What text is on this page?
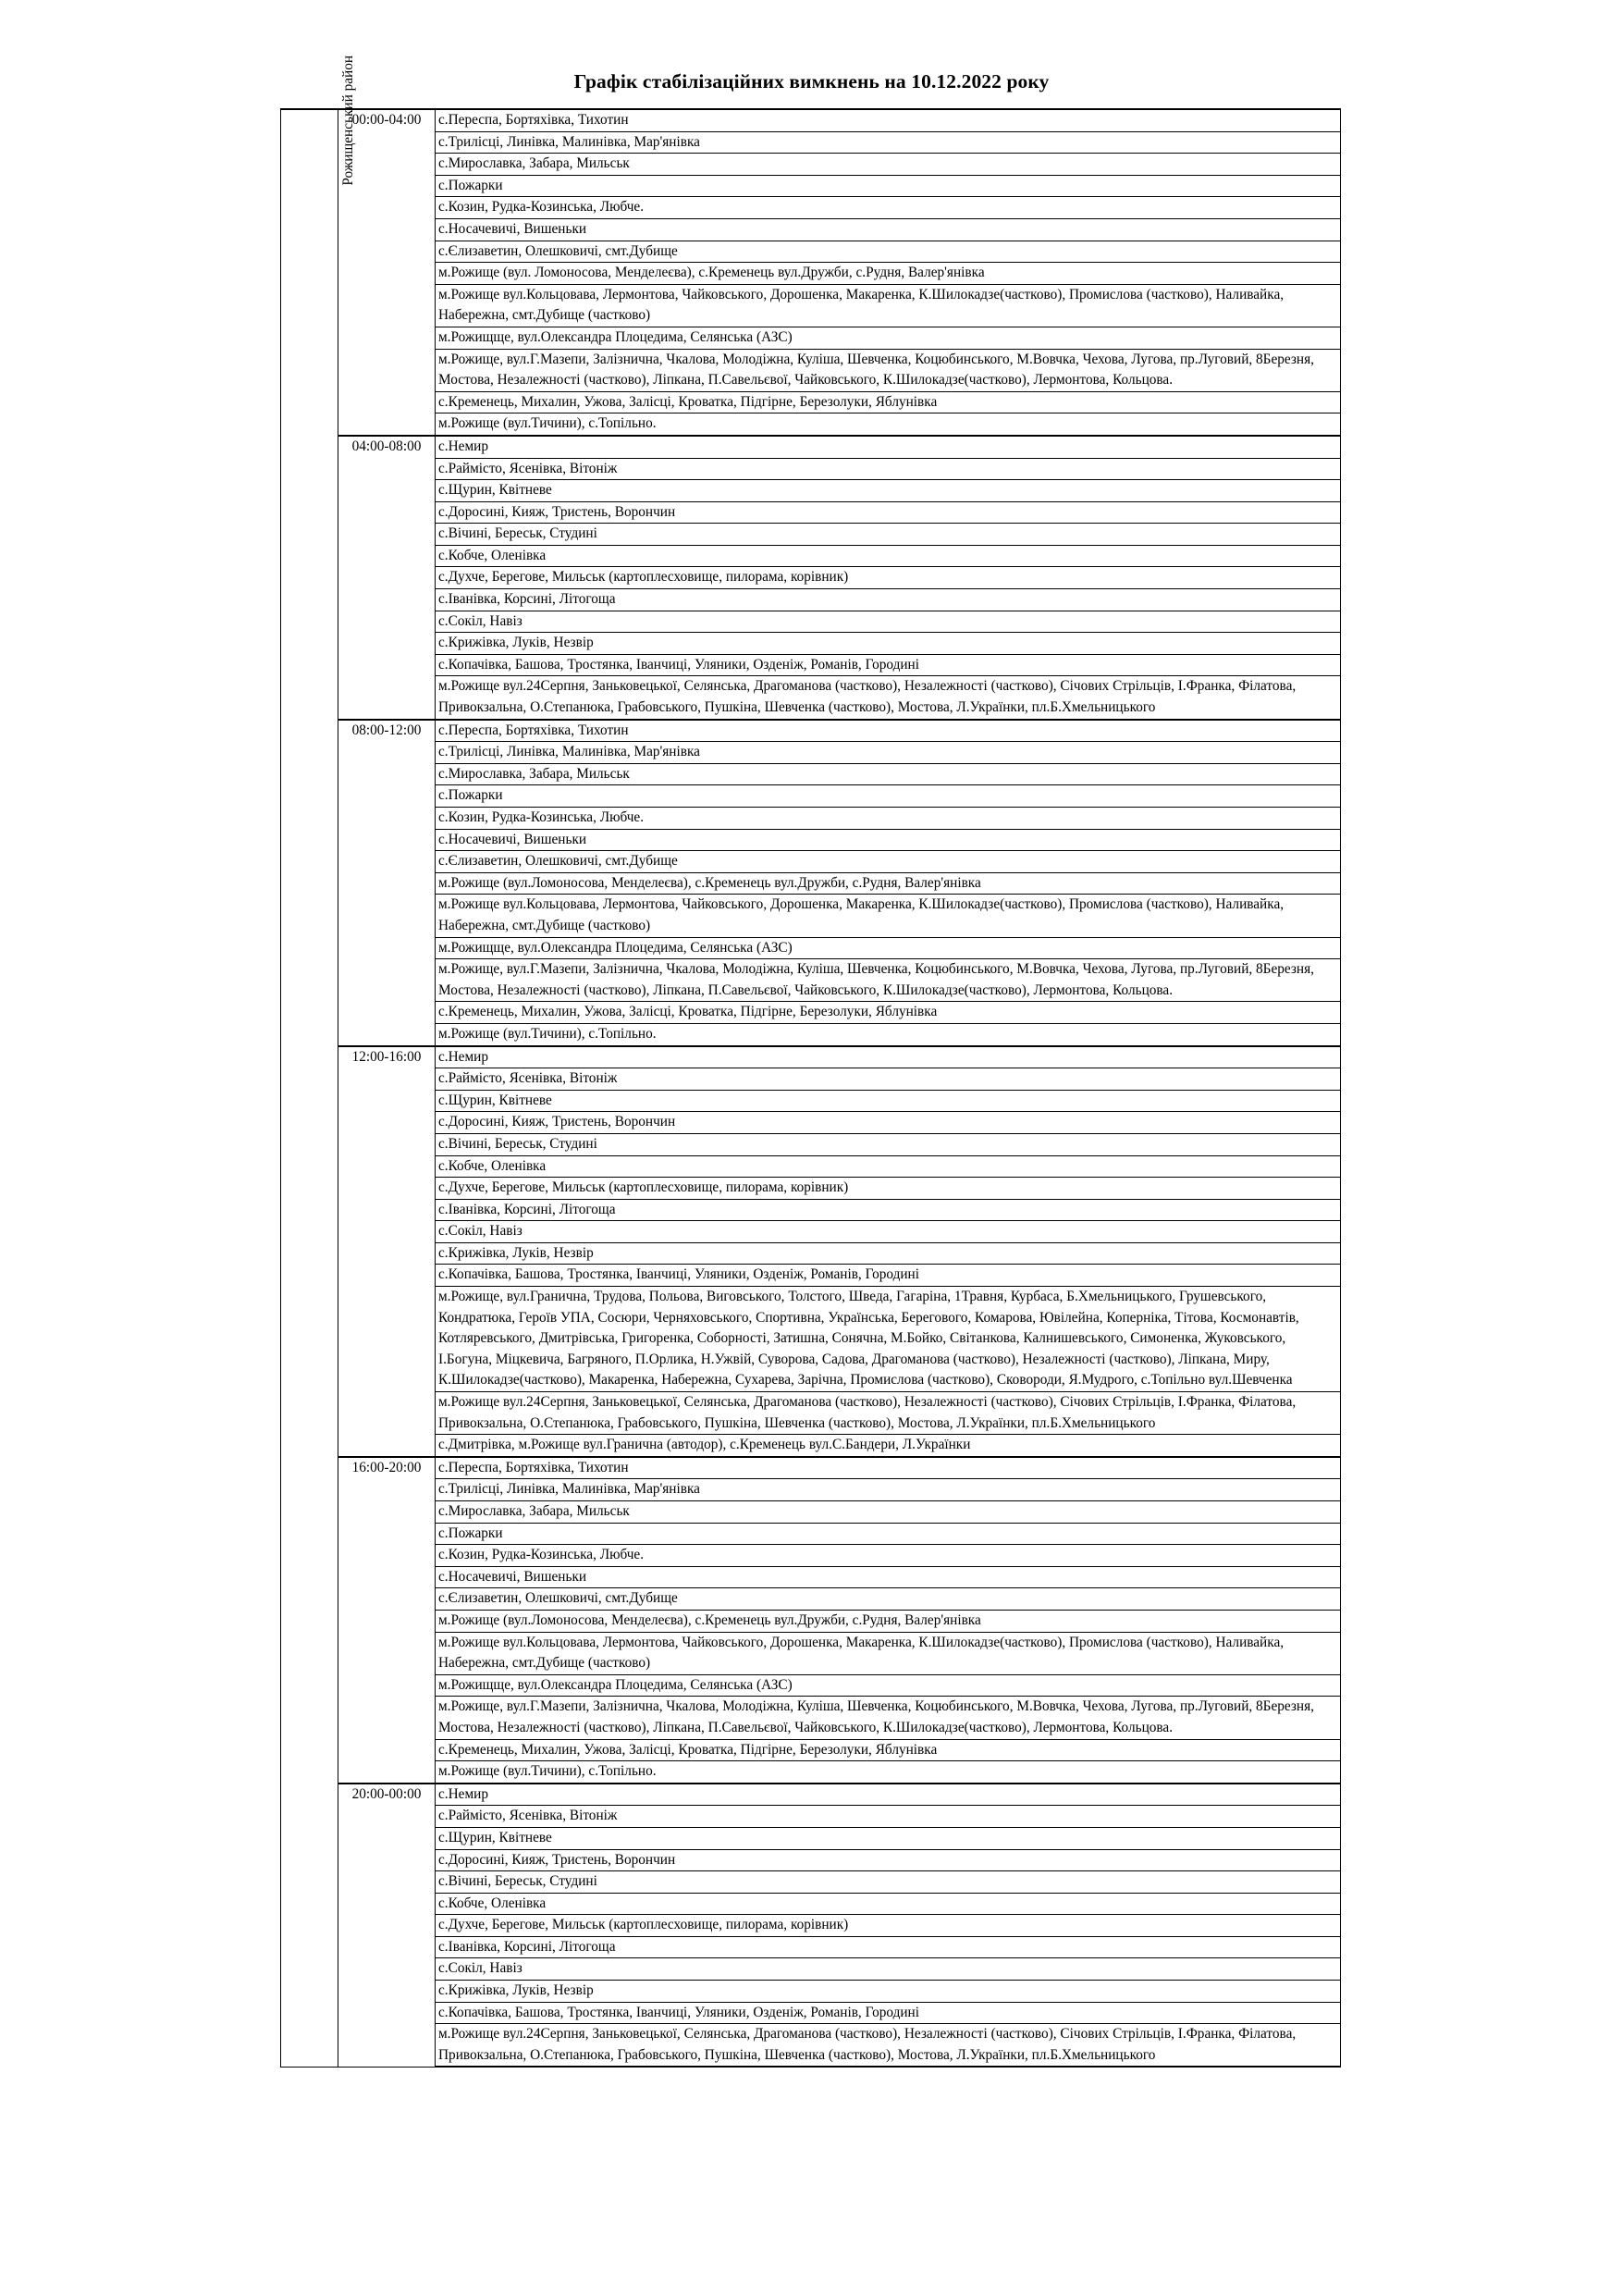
Графік стабілізаційних вимкнень на 10.12.2022 року
Рожищенський район	00:00-04:00	с.Переспа, Бортяхівка, Тихотин
		с.Трилісці, Линівка, Малинівка, Мар'янівка
		с.Мирославка, Забара, Мильськ
		с.Пожарки
		с.Козин, Рудка-Козинська, Любче.
		с.Носачевичі, Вишеньки
		с.Єлизаветин, Олешковичі, смт.Дубище
		м.Рожище (вул. Ломоносова, Менделеєва), с.Кременець вул.Дружби, с.Рудня, Валер'янівка
		м.Рожище вул.Кольцовава, Лермонтова, Чайковського, Дорошенка, Макаренка, К.Шилокадзе(частково), Промислова (частково), Наливайка, Набережна, смт.Дубище (частково)
		м.Рожищще, вул.Олександра Плоцедима, Селянська (АЗС)
		м.Рожище, вул.Г.Мазепи, Залізнична, Чкалова, Молодіжна, Куліша, Шевченка, Коцюбинського, М.Вовчка, Чехова, Лугова, пр.Луговий, 8Березня, Мостова, Незалежності (частково), Ліпкана, П.Савельєвої, Чайковського, К.Шилокадзе(частково), Лермонтова, Кольцова.
		с.Кременець, Михалин, Ужова, Залісці, Кроватка, Підгірне, Березолуки, Яблунівка
		м.Рожище (вул.Тичини), с.Топільно.
	04:00-08:00	с.Немир
		с.Раймісто, Ясенівка, Вітоніж
		с.Щурин, Квітневе
		с.Доросині, Кияж, Тристень, Ворончин
		с.Вічині, Береськ, Студині
		с.Кобче, Оленівка
		с.Духче, Берегове, Мильськ (картоплесховище, пилорама, корівник)
		с.Іванівка, Корсині, Літогоща
		с.Сокіл, Навіз
		с.Крижівка, Луків, Незвір
		с.Копачівка, Башова, Тростянка, Іванчиці, Уляники, Озденіж, Романів, Городині
		м.Рожище вул.24Серпня, Заньковецької, Селянська, Драгоманова (частково), Незалежності (частково), Січових Стрільців, І.Франка, Філатова, Привокзальна, О.Степанюка, Грабовського, Пушкіна, Шевченка (частково), Мостова, Л.Українки, пл.Б.Хмельницького
	08:00-12:00	с.Переспа, Бортяхівка, Тихотин
		с.Трилісці, Линівка, Малинівка, Мар'янівка
		с.Мирославка, Забара, Мильськ
		с.Пожарки
		с.Козин, Рудка-Козинська, Любче.
		с.Носачевичі, Вишеньки
		с.Єлизаветин, Олешковичі, смт.Дубище
		м.Рожище (вул.Ломоносова, Менделеєва), с.Кременець вул.Дружби, с.Рудня, Валер'янівка
		м.Рожище вул.Кольцовава, Лермонтова, Чайковського, Дорошенка, Макаренка, К.Шилокадзе(частково), Промислова (частково), Наливайка, Набережна, смт.Дубище (частково)
		м.Рожищще, вул.Олександра Плоцедима, Селянська (АЗС)
		м.Рожище, вул.Г.Мазепи, Залізнична, Чкалова, Молодіжна, Куліша, Шевченка, Коцюбинського, М.Вовчка, Чехова, Лугова, пр.Луговий, 8Березня, Мостова, Незалежності (частково), Ліпкана, П.Савельєвої, Чайковського, К.Шилокадзе(частково), Лермонтова, Кольцова.
		с.Кременець, Михалин, Ужова, Залісці, Кроватка, Підгірне, Березолуки, Яблунівка
		м.Рожище (вул.Тичини), с.Топільно.
	12:00-16:00	с.Немир
		с.Раймісто, Ясенівка, Вітоніж
		с.Щурин, Квітневе
		с.Доросині, Кияж, Тристень, Ворончин
		с.Вічині, Береськ, Студині
		с.Кобче, Оленівка
		с.Духче, Берегове, Мильськ (картоплесховище, пилорама, корівник)
		с.Іванівка, Корсині, Літогоща
		с.Сокіл, Навіз
		с.Крижівка, Луків, Незвір
		с.Копачівка, Башова, Тростянка, Іванчиці, Уляники, Озденіж, Романів, Городині
		м.Рожище, вул.Гранична, Трудова, Польова, Виговського, Толстого, Шведа, Гагаріна, 1Травня, Курбаса, Б.Хмельницького, Грушевського, Кондратюка, Героїв УПА, Сосюри, Черняховського, Спортивна, Українська, Берегового, Комарова, Ювілейна, Коперніка, Тітова, Космонавтів, Котляревського, Дмитрівська, Григоренка, Соборності, Затишна, Сонячна, М.Бойко, Світанкова, Калнишевського, Симоненка, Жуковського, І.Богуна, Міцкевича, Багряного, П.Орлика, Н.Ужвій, Суворова, Садова, Драгоманова (частково), Незалежності (частково), Ліпкана, Миру, К.Шилокадзе(частково), Макаренка, Набережна, Сухарева, Зарічна, Промислова (частково), Сковороди, Я.Мудрого, с.Топільно вул.Шевченка
		м.Рожище вул.24Серпня, Заньковецької, Селянська, Драгоманова (частково), Незалежності (частково), Січових Стрільців, І.Франка, Філатова, Привокзальна, О.Степанюка, Грабовського, Пушкіна, Шевченка (частково), Мостова, Л.Українки, пл.Б.Хмельницького
		с.Дмитрівка, м.Рожище вул.Гранична (автодор), с.Кременець вул.С.Бандери, Л.Українки
	16:00-20:00	с.Переспа, Бортяхівка, Тихотин
		с.Трилісці, Линівка, Малинівка, Мар'янівка
		с.Мирославка, Забара, Мильськ
		с.Пожарки
		с.Козин, Рудка-Козинська, Любче.
		с.Носачевичі, Вишеньки
		с.Єлизаветин, Олешковичі, смт.Дубище
		м.Рожище (вул.Ломоносова, Менделеєва), с.Кременець вул.Дружби, с.Рудня, Валер'янівка
		м.Рожище вул.Кольцовава, Лермонтова, Чайковського, Дорошенка, Макаренка, К.Шилокадзе(частково), Промислова (частково), Наливайка, Набережна, смт.Дубище (частково)
		м.Рожищще, вул.Олександра Плоцедима, Селянська (АЗС)
		м.Рожище, вул.Г.Мазепи, Залізнична, Чкалова, Молодіжна, Куліша, Шевченка, Коцюбинського, М.Вовчка, Чехова, Лугова, пр.Луговий, 8Березня, Мостова, Незалежності (частково), Ліпкана, П.Савельєвої, Чайковського, К.Шилокадзе(частково), Лермонтова, Кольцова.
		с.Кременець, Михалин, Ужова, Залісці, Кроватка, Підгірне, Березолуки, Яблунівка
		м.Рожище (вул.Тичини), с.Топільно.
	20:00-00:00	с.Немир
		с.Раймісто, Ясенівка, Вітоніж
		с.Щурин, Квітневе
		с.Доросині, Кияж, Тристень, Ворончин
		с.Вічині, Береськ, Студині
		с.Кобче, Оленівка
		с.Духче, Берегове, Мильськ (картоплесховище, пилорама, корівник)
		с.Іванівка, Корсині, Літогоща
		с.Сокіл, Навіз
		с.Крижівка, Луків, Незвір
		с.Копачівка, Башова, Тростянка, Іванчиці, Уляники, Озденіж, Романів, Городині
		м.Рожище вул.24Серпня, Заньковецької, Селянська, Драгоманова (частково), Незалежності (частково), Січових Стрільців, І.Франка, Філатова, Привокзальна, О.Степанюка, Грабовського, Пушкіна, Шевченка (частково), Мостова, Л.Українки, пл.Б.Хмельницького
